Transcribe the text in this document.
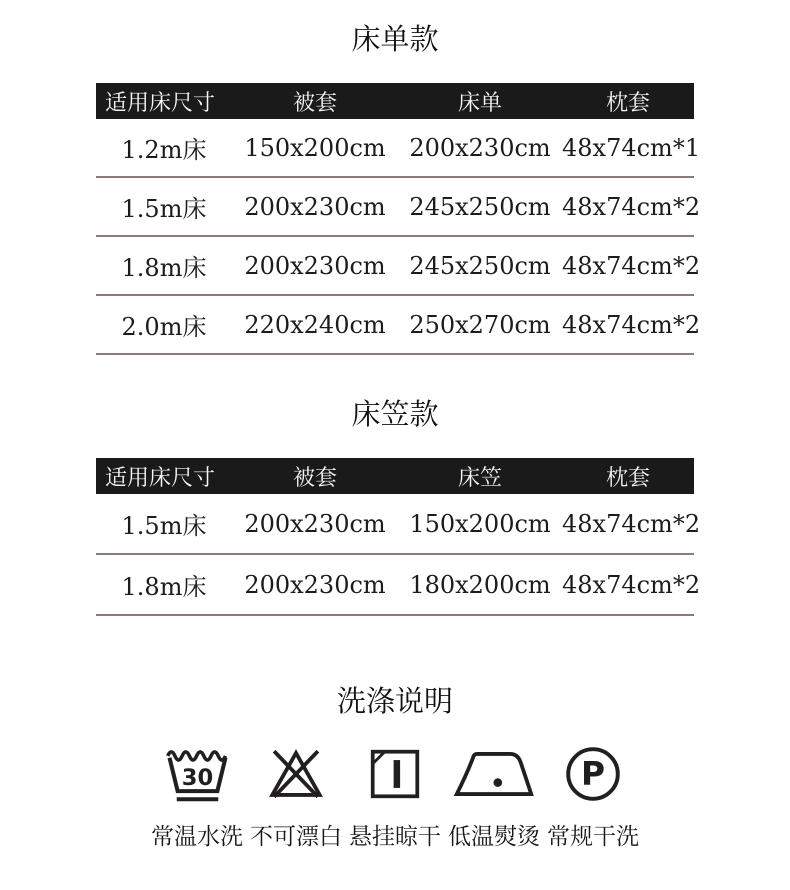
床单款
适用床尺寸	被套	床单	枕套
1.2m床	150x200cm 200x230cm 48x74cm*1
1.5m床	200x230cm 245x250cm 48x74cm*2
1.8m床	200x230cm 245x250cm 48x74cm*2
2.0m床	220x240cm 250x270cm 48x74cm*2
床笠款
适用床尺寸	被套	床笠	枕套
1.5m床	200x230cm 150x200cm 48x74cm*2
1.8m床	200x230cm 180x200cm 48x74cm*2
洗涤说明
30
常温水洗 不可漂白 悬挂晾干 低温熨烫
P
常规干洗
